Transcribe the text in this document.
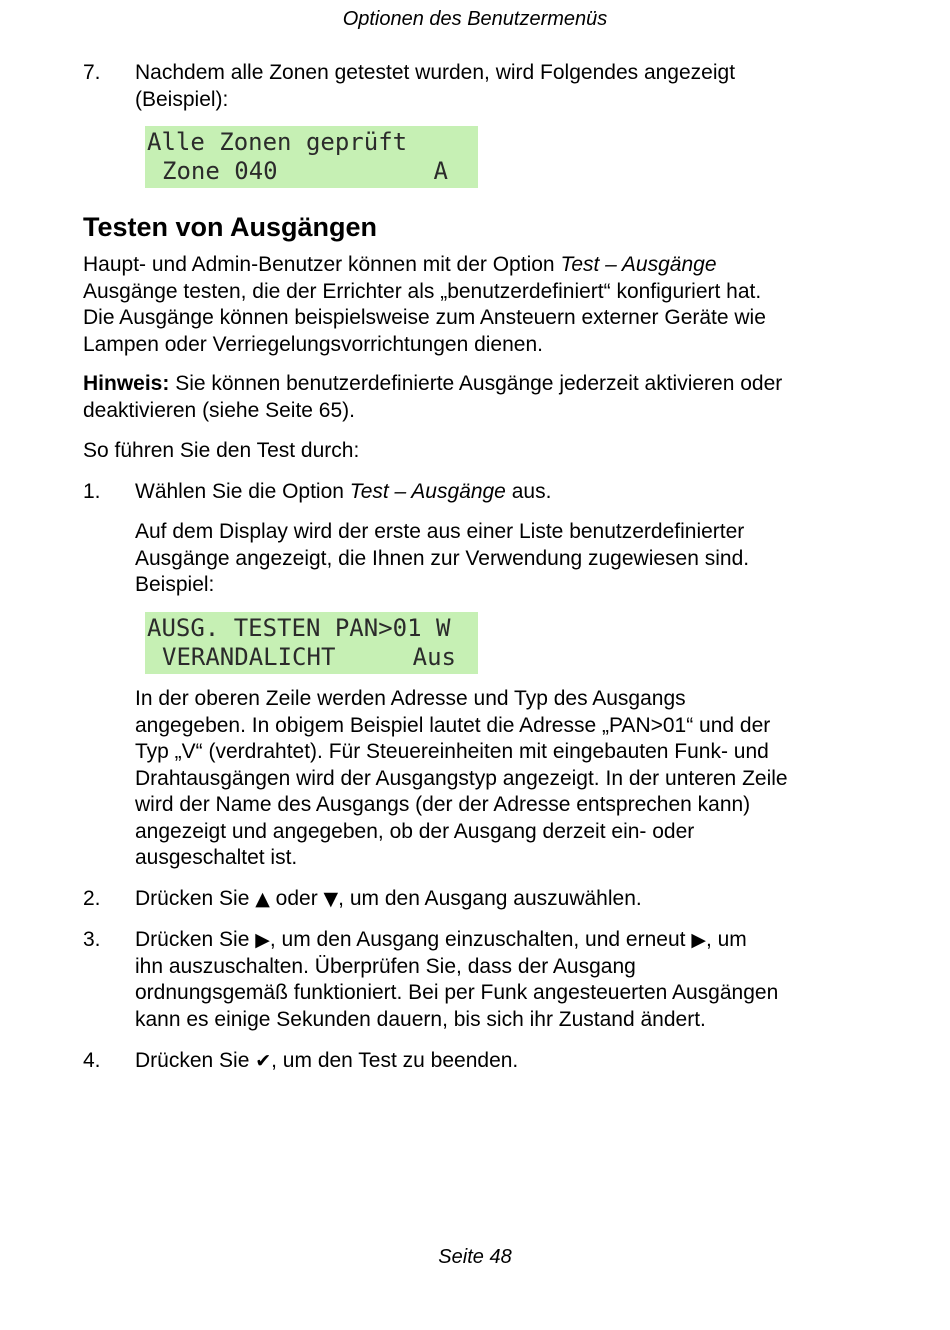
Optionen des Benutzermenüs
7. Nachdem alle Zonen getestet wurden, wird Folgendes angezeigt
(Beispiel):

Alle Zonen geprüft
Zone 040	A
Testen von Ausgängen

Haupt- und Admin-Benutzer können mit der Option Test – Ausgänge
Ausgänge testen, die der Errichter als „benutzerdefiniert“ konfiguriert hat.
Die Ausgänge können beispielsweise zum Ansteuern externer Geräte wie
Lampen oder Verriegelungsvorrichtungen dienen.

Hinweis: Sie können benutzerdefinierte Ausgänge jederzeit aktivieren oder
deaktivieren (siehe Seite 65).

So führen Sie den Test durch:

1. Wählen Sie die Option Test – Ausgänge aus.

Auf dem Display wird der erste aus einer Liste benutzerdefinierter
Ausgänge angezeigt, die Ihnen zur Verwendung zugewiesen sind.
Beispiel:

AUSG. TESTEN PAN>01 W
VERANDALICHT	Aus

In der oberen Zeile werden Adresse und Typ des Ausgangs
angegeben. In obigem Beispiel lautet die Adresse „PAN>01“ und der
Typ „V“ (verdrahtet). Für Steuereinheiten mit eingebauten Funk- und
Drahtausgängen wird der Ausgangstyp angezeigt. In der unteren Zeile
wird der Name des Ausgangs (der der Adresse entsprechen kann)
angezeigt und angegeben, ob der Ausgang derzeit ein- oder
ausgeschaltet ist.

2. Drücken Sie ▲ oder ▼, um den Ausgang auszuwählen.

3. Drücken Sie ▶, um den Ausgang einzuschalten, und erneut ▶, um
ihn auszuschalten. Überprüfen Sie, dass der Ausgang
ordnungsgemäß funktioniert. Bei per Funk angesteuerten Ausgängen
kann es einige Sekunden dauern, bis sich ihr Zustand ändert.

4. Drücken Sie ✔, um den Test zu beenden.

Seite 48
